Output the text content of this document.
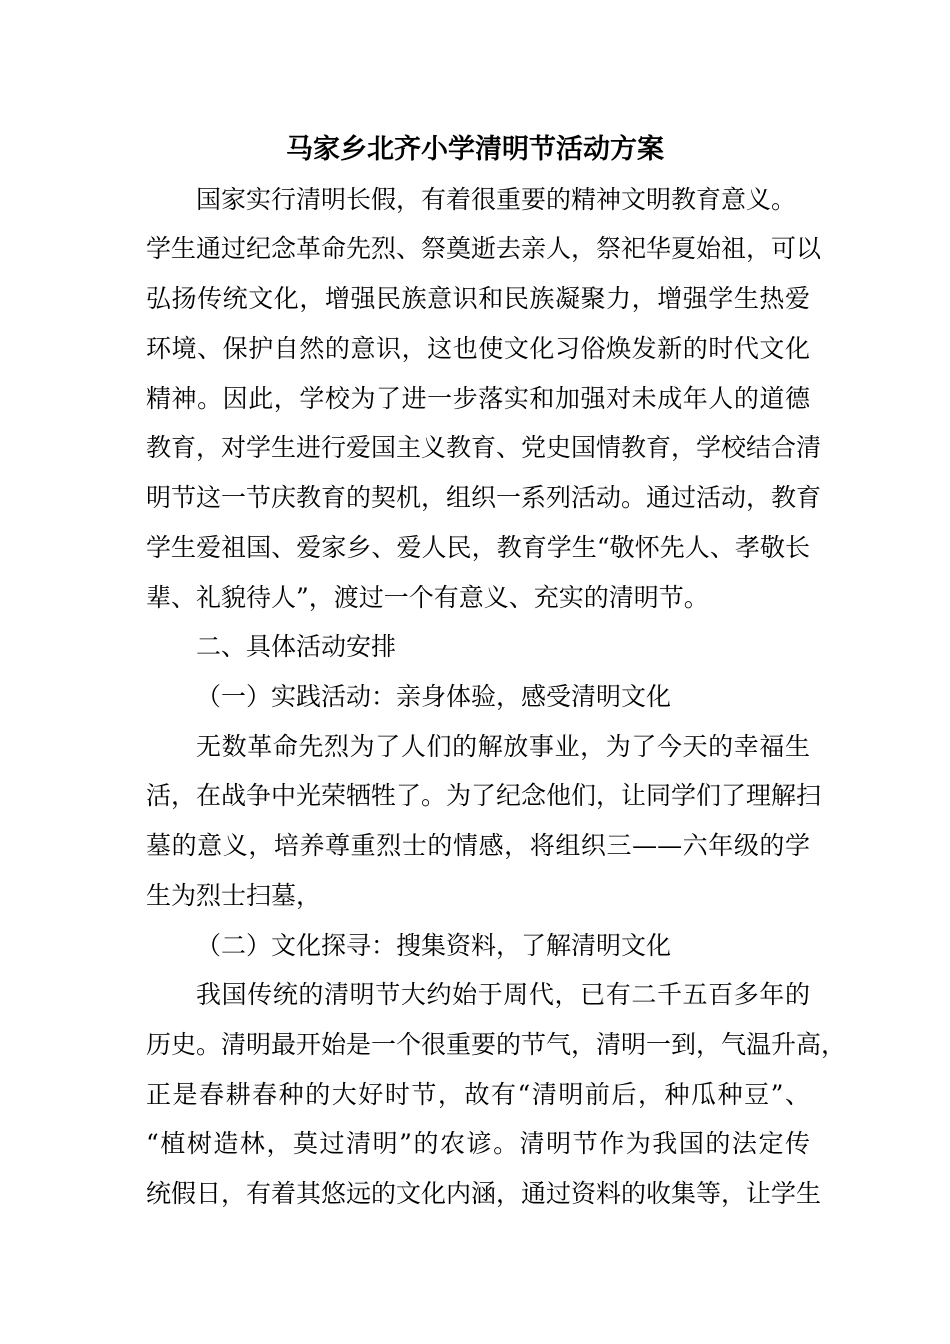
马家乡北齐小学清明节活动方案
国家实行清明长假，有着很重要的精神文明教育意义。
学生通过纪念革命先烈、祭奠逝去亲人，祭祀华夏始祖，可以
弘扬传统文化，增强民族意识和民族凝聚力，增强学生热爱
环境、保护自然的意识，这也使文化习俗焕发新的时代文化
精神。因此，学校为了进一步落实和加强对未成年人的道德
教育，对学生进行爱国主义教育、党史国情教育，学校结合清
明节这一节庆教育的契机，组织一系列活动。通过活动，教育
学生爱祖国、爱家乡、爱人民，教育学生“敬怀先人、孝敬长
辈、礼貌待人”，渡过一个有意义、充实的清明节。
二、具体活动安排
（一）实践活动：亲身体验，感受清明文化
无数革命先烈为了人们的解放事业，为了今天的幸福生
活，在战争中光荣牺牲了。为了纪念他们，让同学们了理解扫
墓的意义，培养尊重烈士的情感，将组织三——六年级的学
生为烈士扫墓，
（二）文化探寻：搜集资料，了解清明文化
我国传统的清明节大约始于周代，已有二千五百多年的
历史。清明最开始是一个很重要的节气，清明一到，气温升高，
正是春耕春种的大好时节，故有“清明前后，种瓜种豆”、
“植树造林，莫过清明”的农谚。清明节作为我国的法定传
统假日，有着其悠远的文化内涵，通过资料的收集等，让学生
